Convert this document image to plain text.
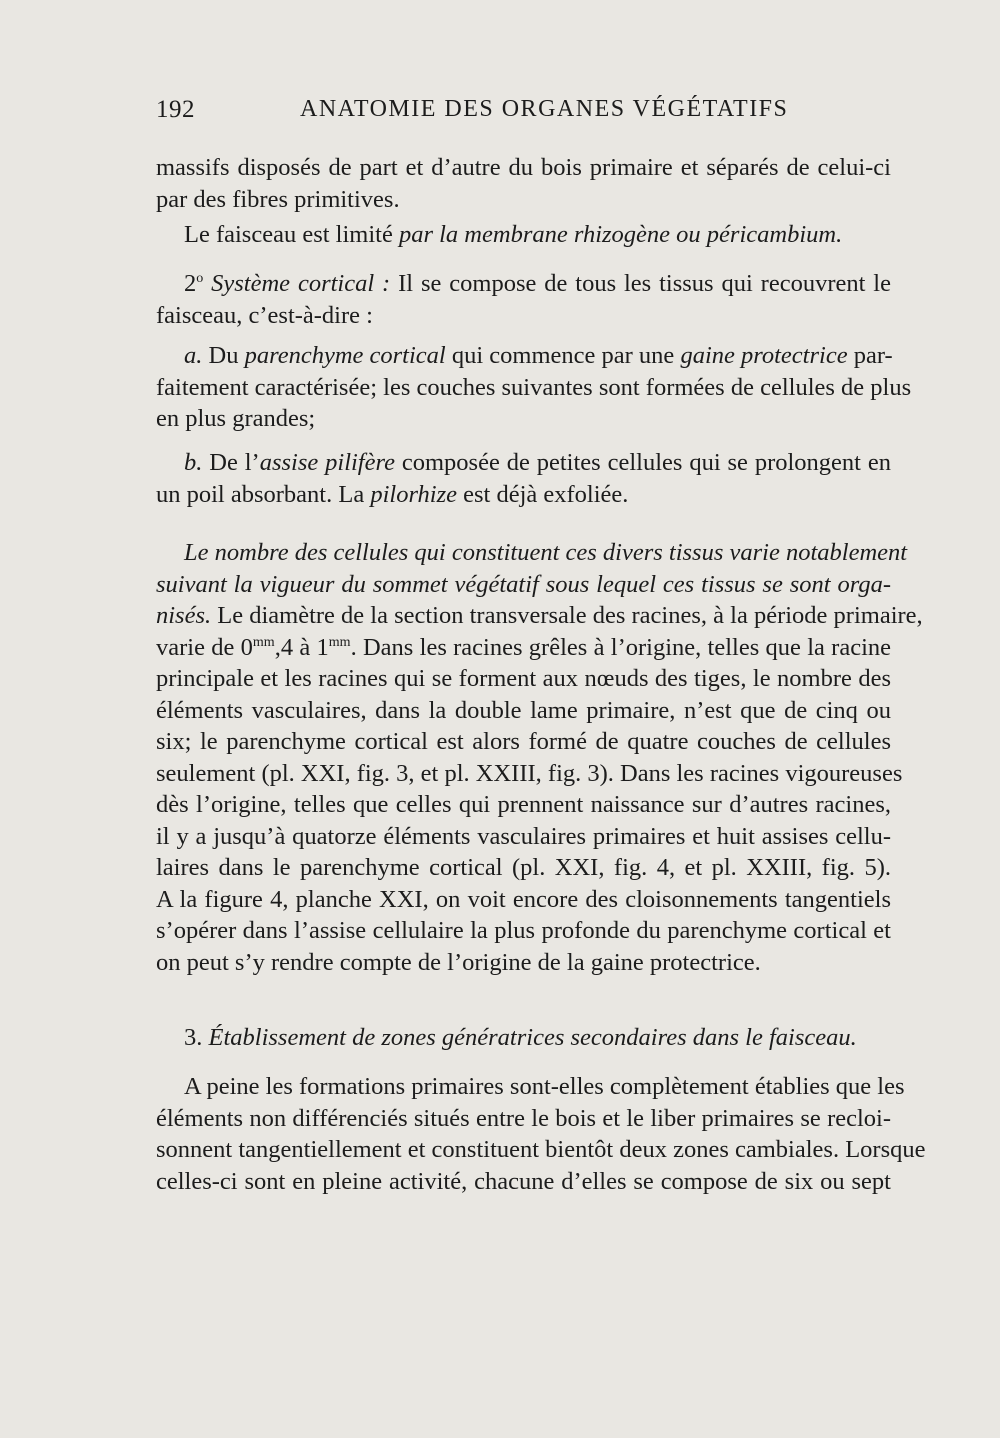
192	ANATOMIE DES ORGANES VÉGÉTATIFS
massifs disposés de part et d’autre du bois primaire et séparés de celui-ci
par des fibres primitives.
Le faisceau est limité par la membrane rhizogène ou péricambium.
2$^o$ Système cortical : Il se compose de tous les tissus qui recouvrent le
faisceau, c’est-à-dire :
a. Du parenchyme cortical qui commence par une gaine protectrice par-
faitement caractérisée; les couches suivantes sont formées de cellules de plus
en plus grandes;
b. De l’assise pilifère composée de petites cellules qui se prolongent en
un poil absorbant. La pilorhize est déjà exfoliée.
Le nombre des cellules qui constituent ces divers tissus varie notablement
suivant la vigueur du sommet végétatif sous lequel ces tissus se sont orga-
nisés. Le diamètre de la section transversale des racines, à la période primaire,
varie de $0^{mm},4$ à $1^{mm}$. Dans les racines grêles à l’origine, telles que la racine
principale et les racines qui se forment aux nœuds des tiges, le nombre des
éléments vasculaires, dans la double lame primaire, n’est que de cinq ou
six; le parenchyme cortical est alors formé de quatre couches de cellules
seulement (pl. XXI, fig. 3, et pl. XXIII, fig. 3). Dans les racines vigoureuses
dès l’origine, telles que celles qui prennent naissance sur d’autres racines,
il y a jusqu’à quatorze éléments vasculaires primaires et huit assises cellu-
laires dans le parenchyme cortical (pl. XXI, fig. 4, et pl. XXIII, fig. 5).
A la figure 4, planche XXI, on voit encore des cloisonnements tangentiels
s’opérer dans l’assise cellulaire la plus profonde du parenchyme cortical et
on peut s’y rendre compte de l’origine de la gaine protectrice.
3. Établissement de zones génératrices secondaires dans le faisceau.
A peine les formations primaires sont-elles complètement établies que les
éléments non différenciés situés entre le bois et le liber primaires se recloi-
sonnent tangentiellement et constituent bientôt deux zones cambiales. Lorsque
celles-ci sont en pleine activité, chacune d’elles se compose de six ou sept
